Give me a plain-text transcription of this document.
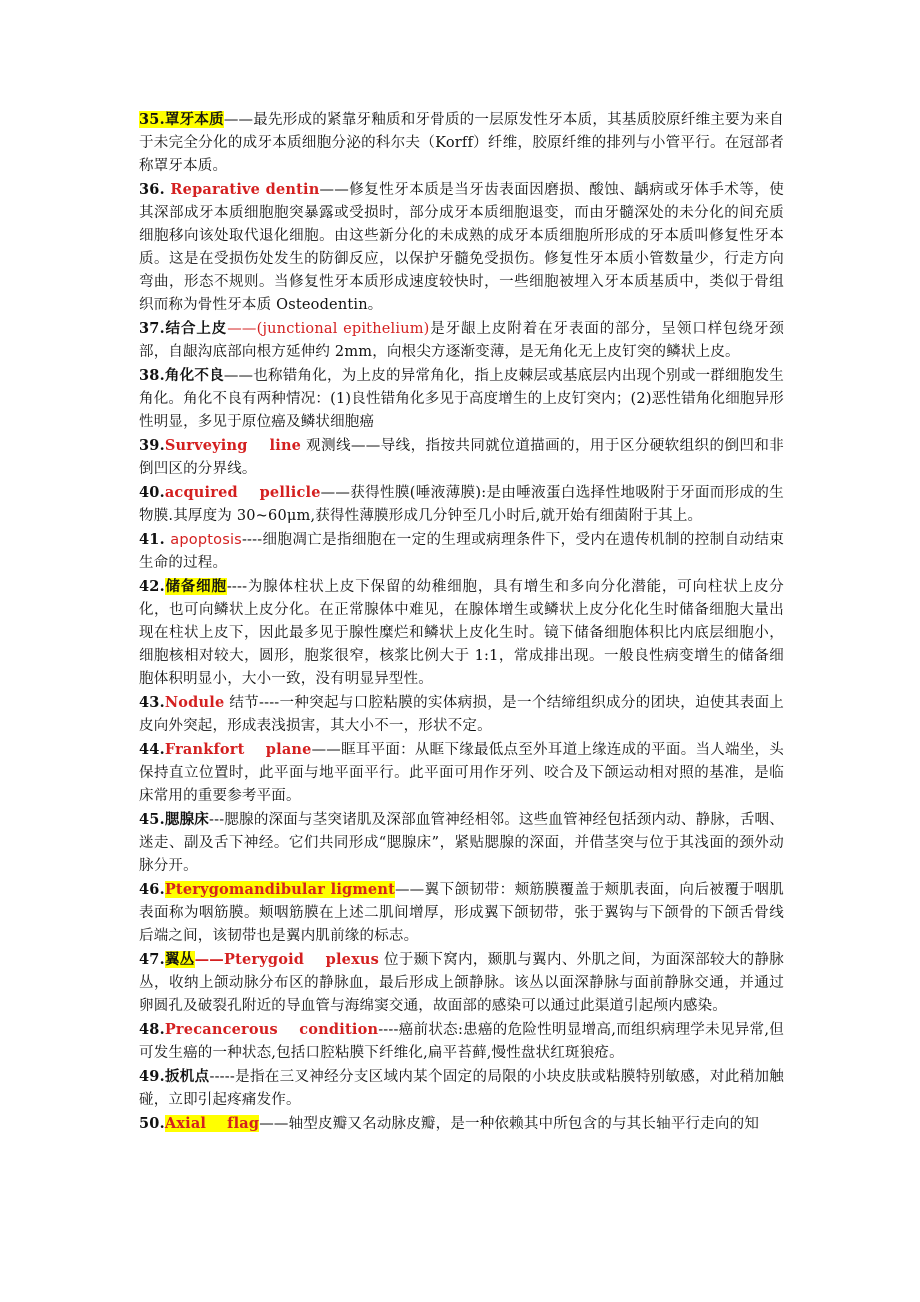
35.罩牙本质——最先形成的紧靠牙釉质和牙骨质的一层原发性牙本质，其基质胶原纤维主要为来自于未完全分化的成牙本质细胞分泌的科尔夫（Korff）纤维，胶原纤维的排列与小管平行。在冠部者称罩牙本质。

36. Reparative dentin——修复性牙本质是当牙齿表面因磨损、酸蚀、龋病或牙体手术等，使其深部成牙本质细胞胞突暴露或受损时，部分成牙本质细胞退变，而由牙髓深处的未分化的间充质细胞移向该处取代退化细胞。由这些新分化的未成熟的成牙本质细胞所形成的牙本质叫修复性牙本质。这是在受损伤处发生的防御反应，以保护牙髓免受损伤。修复性牙本质小管数量少，行走方向弯曲，形态不规则。当修复性牙本质形成速度较快时，一些细胞被埋入牙本质基质中，类似于骨组织而称为骨性牙本质 Osteodentin。

37.结合上皮——(junctional epithelium)是牙龈上皮附着在牙表面的部分，呈领口样包绕牙颈部，自龈沟底部向根方延伸约 2mm，向根尖方逐渐变薄，是无角化无上皮钉突的鳞状上皮。

38.角化不良——也称错角化，为上皮的异常角化，指上皮棘层或基底层内出现个别或一群细胞发生角化。角化不良有两种情况：(1)良性错角化多见于高度增生的上皮钉突内；(2)恶性错角化细胞异形性明显，多见于原位癌及鳞状细胞癌

39.Surveying    line 观测线——导线，指按共同就位道描画的，用于区分硬软组织的倒凹和非倒凹区的分界线。

40.acquired    pellicle——获得性膜(唾液薄膜):是由唾液蛋白选择性地吸附于牙面而形成的生物膜.其厚度为 30~60μm,获得性薄膜形成几分钟至几小时后,就开始有细菌附于其上。

41. apoptosis----细胞凋亡是指细胞在一定的生理或病理条件下，受内在遗传机制的控制自动结束生命的过程。

42.储备细胞----为腺体柱状上皮下保留的幼稚细胞，具有增生和多向分化潜能，可向柱状上皮分化，也可向鳞状上皮分化。在正常腺体中难见，在腺体增生或鳞状上皮分化化生时储备细胞大量出现在柱状上皮下，因此最多见于腺性糜烂和鳞状上皮化生时。镜下储备细胞体积比内底层细胞小，细胞核相对较大，圆形，胞浆很窄，核浆比例大于 1:1，常成排出现。一般良性病变增生的储备细胞体积明显小，大小一致，没有明显异型性。

43.Nodule 结节----一种突起与口腔粘膜的实体病损，是一个结缔组织成分的团块，迫使其表面上皮向外突起，形成表浅损害，其大小不一，形状不定。

44.Frankfort    plane——眶耳平面：从眶下缘最低点至外耳道上缘连成的平面。当人端坐，头保持直立位置时，此平面与地平面平行。此平面可用作牙列、咬合及下颌运动相对照的基准，是临床常用的重要参考平面。

45.腮腺床---腮腺的深面与茎突诸肌及深部血管神经相邻。这些血管神经包括颈内动、静脉，舌咽、迷走、副及舌下神经。它们共同形成“腮腺床”，紧贴腮腺的深面，并借茎突与位于其浅面的颈外动脉分开。

46.Pterygomandibular ligment——翼下颌韧带：颊筋膜覆盖于颊肌表面，向后被覆于咽肌表面称为咽筋膜。颊咽筋膜在上述二肌间增厚，形成翼下颌韧带，张于翼钩与下颌骨的下颌舌骨线后端之间，该韧带也是翼内肌前缘的标志。

47.翼丛——Pterygoid    plexus 位于颞下窝内，颞肌与翼内、外肌之间，为面深部较大的静脉丛，收纳上颌动脉分布区的静脉血，最后形成上颌静脉。该丛以面深静脉与面前静脉交通，并通过卵圆孔及破裂孔附近的导血管与海绵窦交通，故面部的感染可以通过此渠道引起颅内感染。

48.Precancerous    condition----癌前状态:患癌的危险性明显增高,而组织病理学未见异常,但可发生癌的一种状态,包括口腔粘膜下纤维化,扁平苔藓,慢性盘状红斑狼疮。

49.扳机点-----是指在三叉神经分支区域内某个固定的局限的小块皮肤或粘膜特别敏感，对此稍加触碰，立即引起疼痛发作。

50.Axial    flag——轴型皮瓣又名动脉皮瓣，是一种依赖其中所包含的与其长轴平行走向的知
